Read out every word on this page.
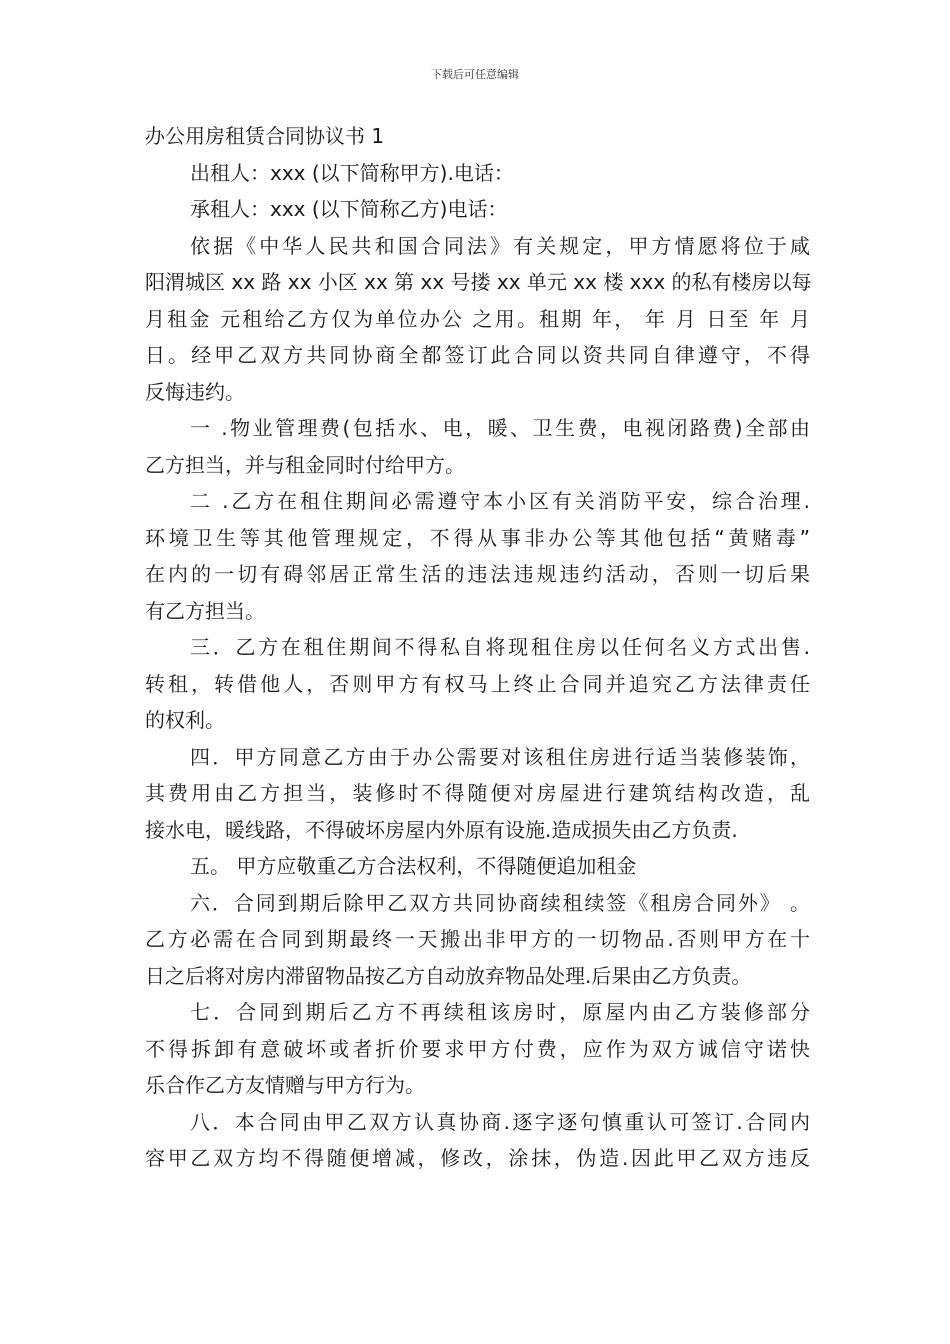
下载后可任意编辑
办公用房租赁合同协议书 1
出租人：xxx (以下简称甲方).电话：
承租人：xxx (以下简称乙方)电话：
依据《中华人民共和国合同法》有关规定，甲方情愿将位于咸
阳渭城区 xx 路 xx 小区 xx 第 xx 号搂 xx 单元 xx 楼 xxx 的私有楼房以每
月租金 元租给乙方仅为单位办公 之用。租期 年， 年 月 日至 年 月
日。经甲乙双方共同协商全都签订此合同以资共同自律遵守，不得
反悔违约。
一 .物业管理费(包括水、电，暖、卫生费，电视闭路费)全部由
乙方担当，并与租金同时付给甲方。
二 .乙方在租住期间必需遵守本小区有关消防平安，综合治理.
环境卫生等其他管理规定，不得从事非办公等其他包括“黄赌毒”
在内的一切有碍邻居正常生活的违法违规违约活动，否则一切后果
有乙方担当。
三．乙方在租住期间不得私自将现租住房以任何名义方式出售.
转租，转借他人，否则甲方有权马上终止合同并追究乙方法律责任
的权利。
四．甲方同意乙方由于办公需要对该租住房进行适当装修装饰，
其费用由乙方担当，装修时不得随便对房屋进行建筑结构改造，乱
接水电，暖线路，不得破坏房屋内外原有设施.造成损失由乙方负责.
五。 甲方应敬重乙方合法权利，不得随便追加租金
六．合同到期后除甲乙双方共同协商续租续签《租房合同外》 。
乙方必需在合同到期最终一天搬出非甲方的一切物品.否则甲方在十
日之后将对房内滞留物品按乙方自动放弃物品处理.后果由乙方负责。
七．合同到期后乙方不再续租该房时，原屋内由乙方装修部分
不得拆卸有意破坏或者折价要求甲方付费，应作为双方诚信守诺快
乐合作乙方友情赠与甲方行为。
八．本合同由甲乙双方认真协商.逐字逐句慎重认可签订.合同内
容甲乙双方均不得随便增减，修改，涂抹，伪造.因此甲乙双方违反
